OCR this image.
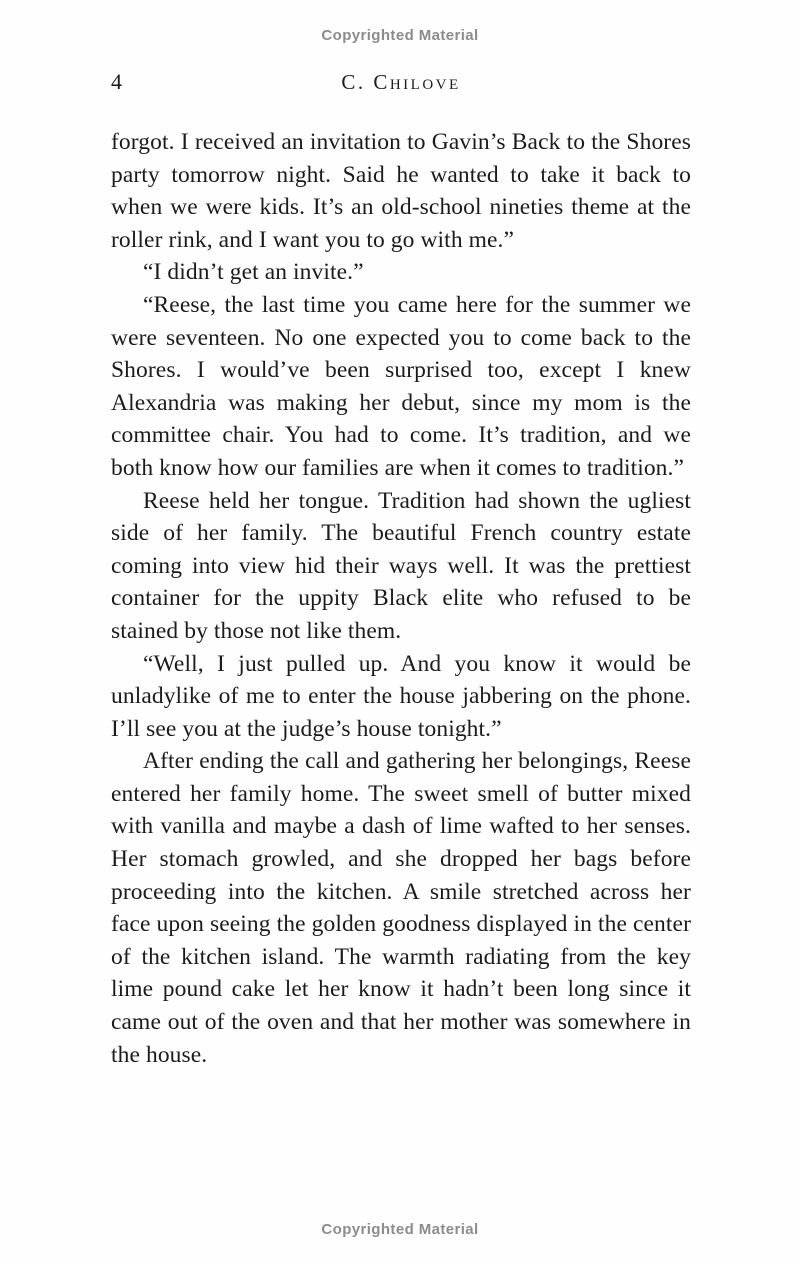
Copyrighted Material
4	C. Chilove

forgot. I received an invitation to Gavin’s Back to the Shores party tomorrow night. Said he wanted to take it back to when we were kids. It’s an old-school nineties theme at the roller rink, and I want you to go with me.”

“I didn’t get an invite.”

“Reese, the last time you came here for the summer we were seventeen. No one expected you to come back to the Shores. I would’ve been surprised too, except I knew Alexandria was making her debut, since my mom is the committee chair. You had to come. It’s tradition, and we both know how our families are when it comes to tradition.”

Reese held her tongue. Tradition had shown the ugliest side of her family. The beautiful French country estate coming into view hid their ways well. It was the prettiest container for the uppity Black elite who refused to be stained by those not like them.

“Well, I just pulled up. And you know it would be unladylike of me to enter the house jabbering on the phone. I’ll see you at the judge’s house tonight.”

After ending the call and gathering her belongings, Reese entered her family home. The sweet smell of butter mixed with vanilla and maybe a dash of lime wafted to her senses. Her stomach growled, and she dropped her bags before proceeding into the kitchen. A smile stretched across her face upon seeing the golden goodness displayed in the center of the kitchen island. The warmth radiating from the key lime pound cake let her know it hadn’t been long since it came out of the oven and that her mother was somewhere in the house.

Copyrighted Material
